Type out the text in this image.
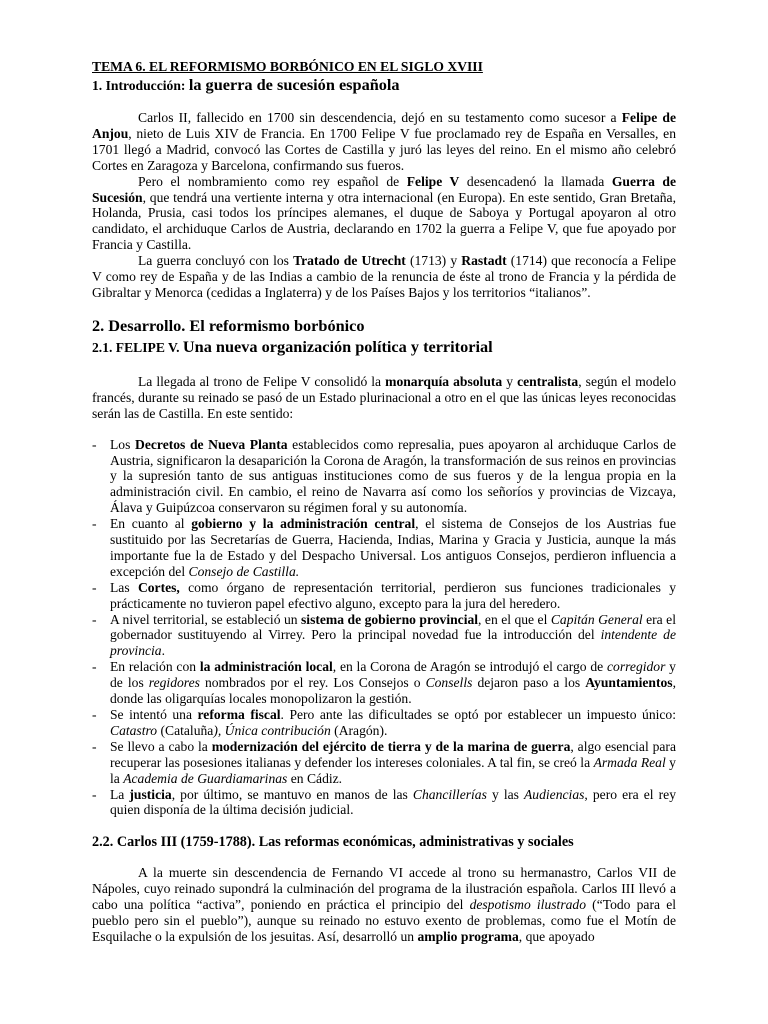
TEMA 6. EL REFORMISMO BORBÓNICO EN EL SIGLO XVIII
1. Introducción: la guerra de sucesión española

Carlos II, fallecido en 1700 sin descendencia, dejó en su testamento como sucesor a Felipe de Anjou, nieto de Luis XIV de Francia. En 1700 Felipe V fue proclamado rey de España en Versalles, en 1701 llegó a Madrid, convocó las Cortes de Castilla y juró las leyes del reino. En el mismo año celebró Cortes en Zaragoza y Barcelona, confirmando sus fueros.

Pero el nombramiento como rey español de Felipe V desencadenó la llamada Guerra de Sucesión, que tendrá una vertiente interna y otra internacional (en Europa). En este sentido, Gran Bretaña, Holanda, Prusia, casi todos los príncipes alemanes, el duque de Saboya y Portugal apoyaron al otro candidato, el archiduque Carlos de Austria, declarando en 1702 la guerra a Felipe V, que fue apoyado por Francia y Castilla.

La guerra concluyó con los Tratado de Utrecht (1713) y Rastadt (1714) que reconocía a Felipe V como rey de España y de las Indias a cambio de la renuncia de éste al trono de Francia y la pérdida de Gibraltar y Menorca (cedidas a Inglaterra) y de los Países Bajos y los territorios “italianos”.

2. Desarrollo. El reformismo borbónico
2.1. FELIPE V. Una nueva organización política y territorial

La llegada al trono de Felipe V consolidó la monarquía absoluta y centralista, según el modelo francés, durante su reinado se pasó de un Estado plurinacional a otro en el que las únicas leyes reconocidas serán las de Castilla. En este sentido:

- Los Decretos de Nueva Planta establecidos como represalia, pues apoyaron al archiduque Carlos de Austria, significaron la desaparición la Corona de Aragón, la transformación de sus reinos en provincias y la supresión tanto de sus antiguas instituciones como de sus fueros y de la lengua propia en la administración civil. En cambio, el reino de Navarra así como los señoríos y provincias de Vizcaya, Álava y Guipúzcoa conservaron su régimen foral y su autonomía.
- En cuanto al gobierno y la administración central, el sistema de Consejos de los Austrias fue sustituido por las Secretarías de Guerra, Hacienda, Indias, Marina y Gracia y Justicia, aunque la más importante fue la de Estado y del Despacho Universal. Los antiguos Consejos, perdieron influencia a excepción del Consejo de Castilla.
- Las Cortes, como órgano de representación territorial, perdieron sus funciones tradicionales y prácticamente no tuvieron papel efectivo alguno, excepto para la jura del heredero.
- A nivel territorial, se estableció un sistema de gobierno provincial, en el que el Capitán General era el gobernador sustituyendo al Virrey. Pero la principal novedad fue la introducción del intendente de provincia.
- En relación con la administración local, en la Corona de Aragón se introdujó el cargo de corregidor y de los regidores nombrados por el rey. Los Consejos o Consells dejaron paso a los Ayuntamientos, donde las oligarquías locales monopolizaron la gestión.
- Se intentó una reforma fiscal. Pero ante las dificultades se optó por establecer un impuesto único: Catastro (Cataluña), Única contribución (Aragón).
- Se llevo a cabo la modernización del ejército de tierra y de la marina de guerra, algo esencial para recuperar las posesiones italianas y defender los intereses coloniales. A tal fin, se creó la Armada Real y la Academia de Guardiamarinas en Cádiz.
- La justicia, por último, se mantuvo en manos de las Chancillerías y las Audiencias, pero era el rey quien disponía de la última decisión judicial.
2.2. Carlos III (1759-1788). Las reformas económicas, administrativas y sociales

A la muerte sin descendencia de Fernando VI accede al trono su hermanastro, Carlos VII de Nápoles, cuyo reinado supondrá la culminación del programa de la ilustración española. Carlos III llevó a cabo una política “activa”, poniendo en práctica el principio del despotismo ilustrado (“Todo para el pueblo pero sin el pueblo”), aunque su reinado no estuvo exento de problemas, como fue el Motín de Esquilache o la expulsión de los jesuitas. Así, desarrolló un amplio programa, que apoyado
